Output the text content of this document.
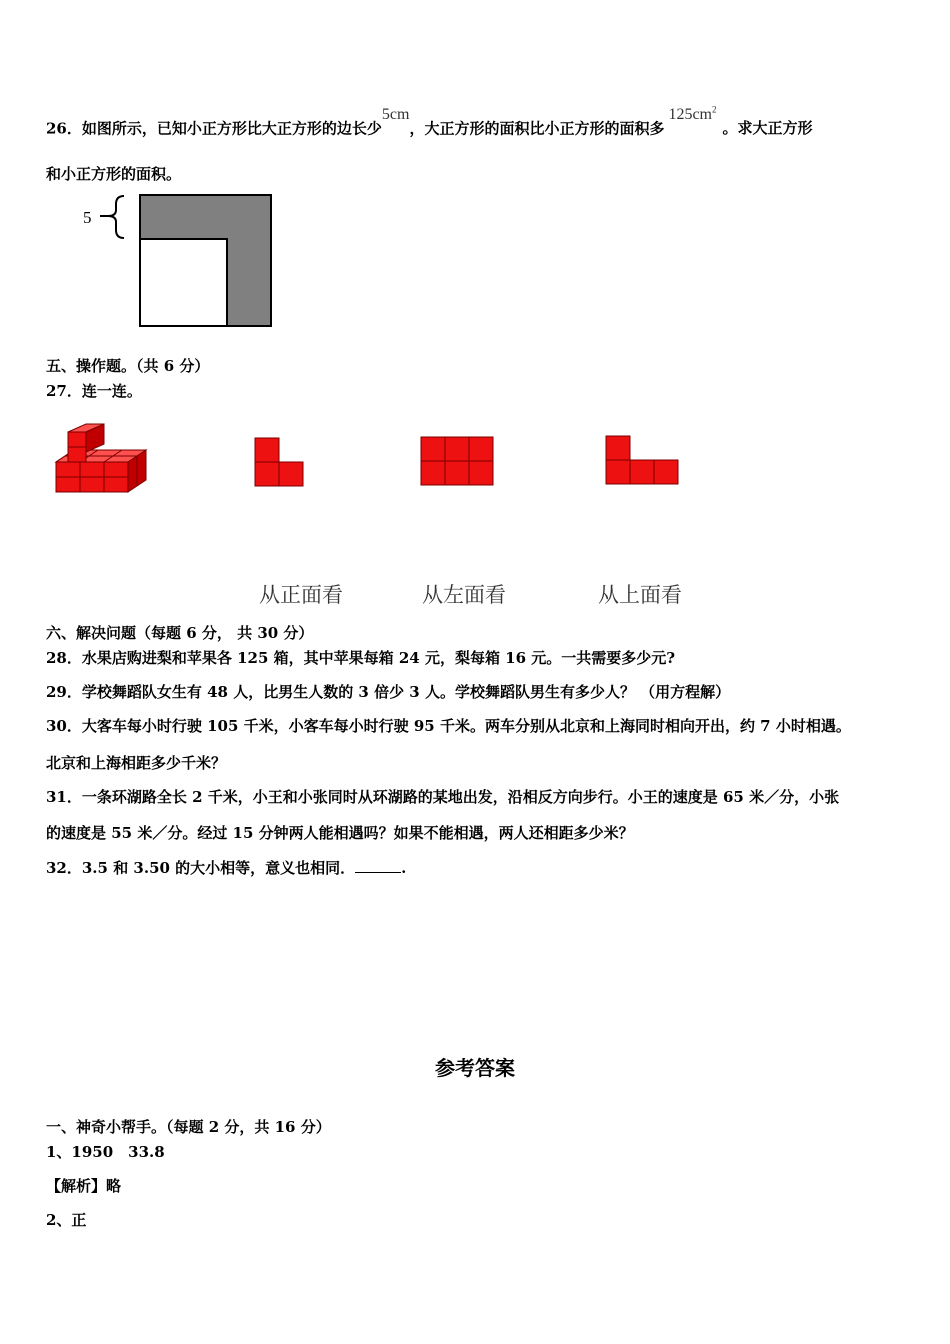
26．如图所示，已知小正方形比大正方形的边长少5cm，大正方形的面积比小正方形的面积多$125cm^2$。求大正方形
和小正方形的面积。
5
五、操作题。（共 6 分）
27．连一连。
从正面看	从左面看	从上面看
六、解决问题（每题 6 分， 共 30 分）
28．水果店购进梨和苹果各 125 箱，其中苹果每箱 24 元，梨每箱 16 元。一共需要多少元?
29．学校舞蹈队女生有 48 人，比男生人数的 3 倍少 3 人。学校舞蹈队男生有多少人？ （用方程解）
30．大客车每小时行驶 105 千米，小客车每小时行驶 95 千米。两车分别从北京和上海同时相向开出，约 7 小时相遇。
北京和上海相距多少千米？
31．一条环湖路全长 2 千米，小王和小张同时从环湖路的某地出发，沿相反方向步行。小王的速度是 65 米／分，小张
的速度是 55 米／分。经过 15 分钟两人能相遇吗？如果不能相遇，两人还相距多少米？
32．3.5 和 3.50 的大小相等，意义也相同．	.
参考答案
一、神奇小帮手。（每题 2 分，共 16 分）
1、1950　33.8
【解析】略
2、正
